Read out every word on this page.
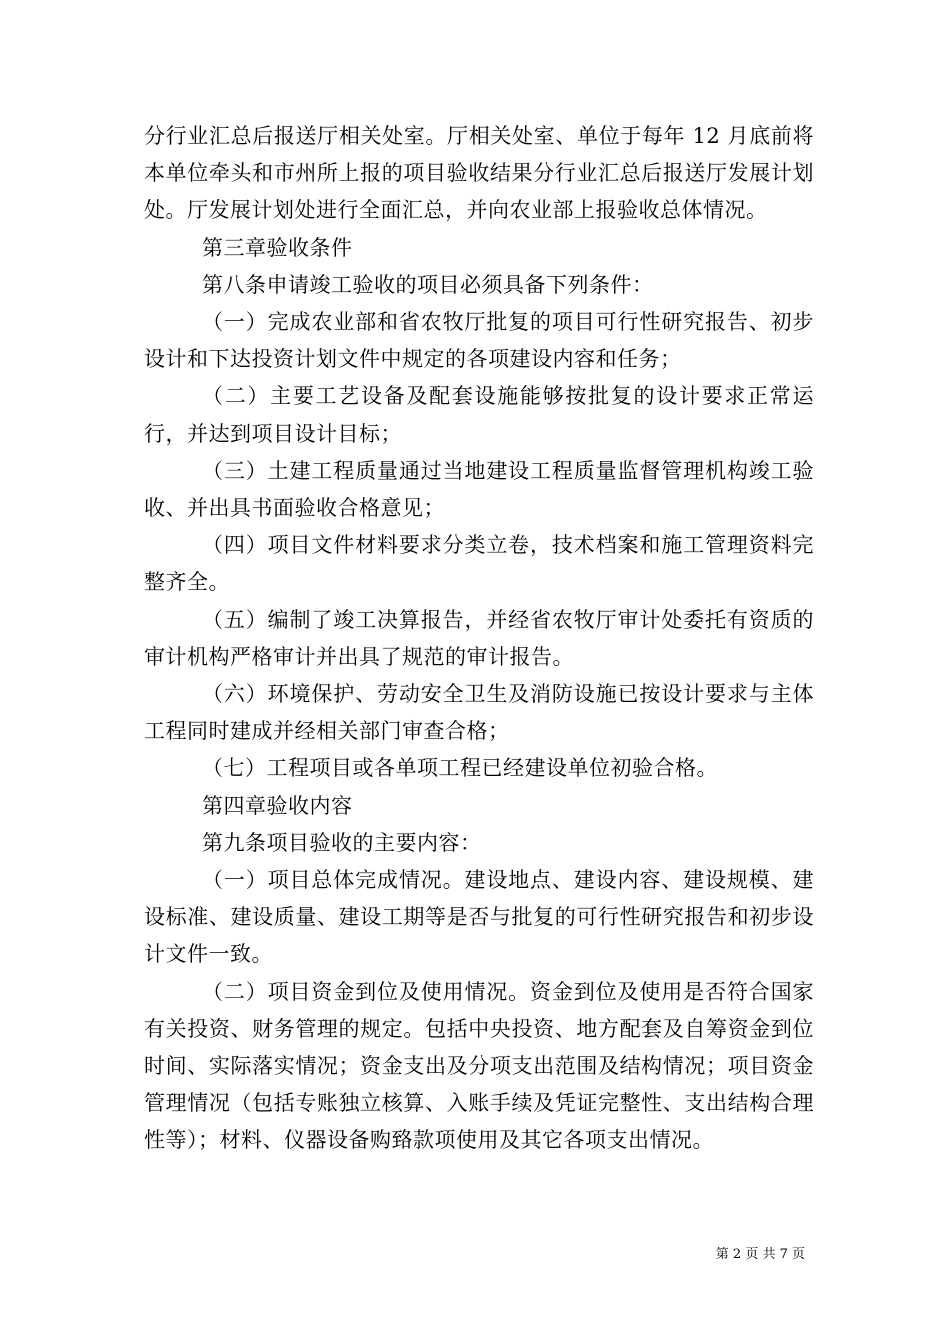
分行业汇总后报送厅相关处室。厅相关处室、单位于每年 12 月底前将本单位牵头和市州所上报的项目验收结果分行业汇总后报送厅发展计划处。厅发展计划处进行全面汇总，并向农业部上报验收总体情况。

第三章验收条件

第八条申请竣工验收的项目必须具备下列条件：

（一）完成农业部和省农牧厅批复的项目可行性研究报告、初步设计和下达投资计划文件中规定的各项建设内容和任务；

（二）主要工艺设备及配套设施能够按批复的设计要求正常运行，并达到项目设计目标；

（三）土建工程质量通过当地建设工程质量监督管理机构竣工验收、并出具书面验收合格意见；

（四）项目文件材料要求分类立卷，技术档案和施工管理资料完整齐全。

（五）编制了竣工决算报告，并经省农牧厅审计处委托有资质的审计机构严格审计并出具了规范的审计报告。

（六）环境保护、劳动安全卫生及消防设施已按设计要求与主体工程同时建成并经相关部门审查合格；

（七）工程项目或各单项工程已经建设单位初验合格。

第四章验收内容

第九条项目验收的主要内容：

（一）项目总体完成情况。建设地点、建设内容、建设规模、建设标准、建设质量、建设工期等是否与批复的可行性研究报告和初步设计文件一致。

（二）项目资金到位及使用情况。资金到位及使用是否符合国家有关投资、财务管理的规定。包括中央投资、地方配套及自筹资金到位时间、实际落实情况；资金支出及分项支出范围及结构情况；项目资金管理情况（包括专账独立核算、入账手续及凭证完整性、支出结构合理性等）；材料、仪器设备购臵款项使用及其它各项支出情况。

第 2 页 共 7 页
